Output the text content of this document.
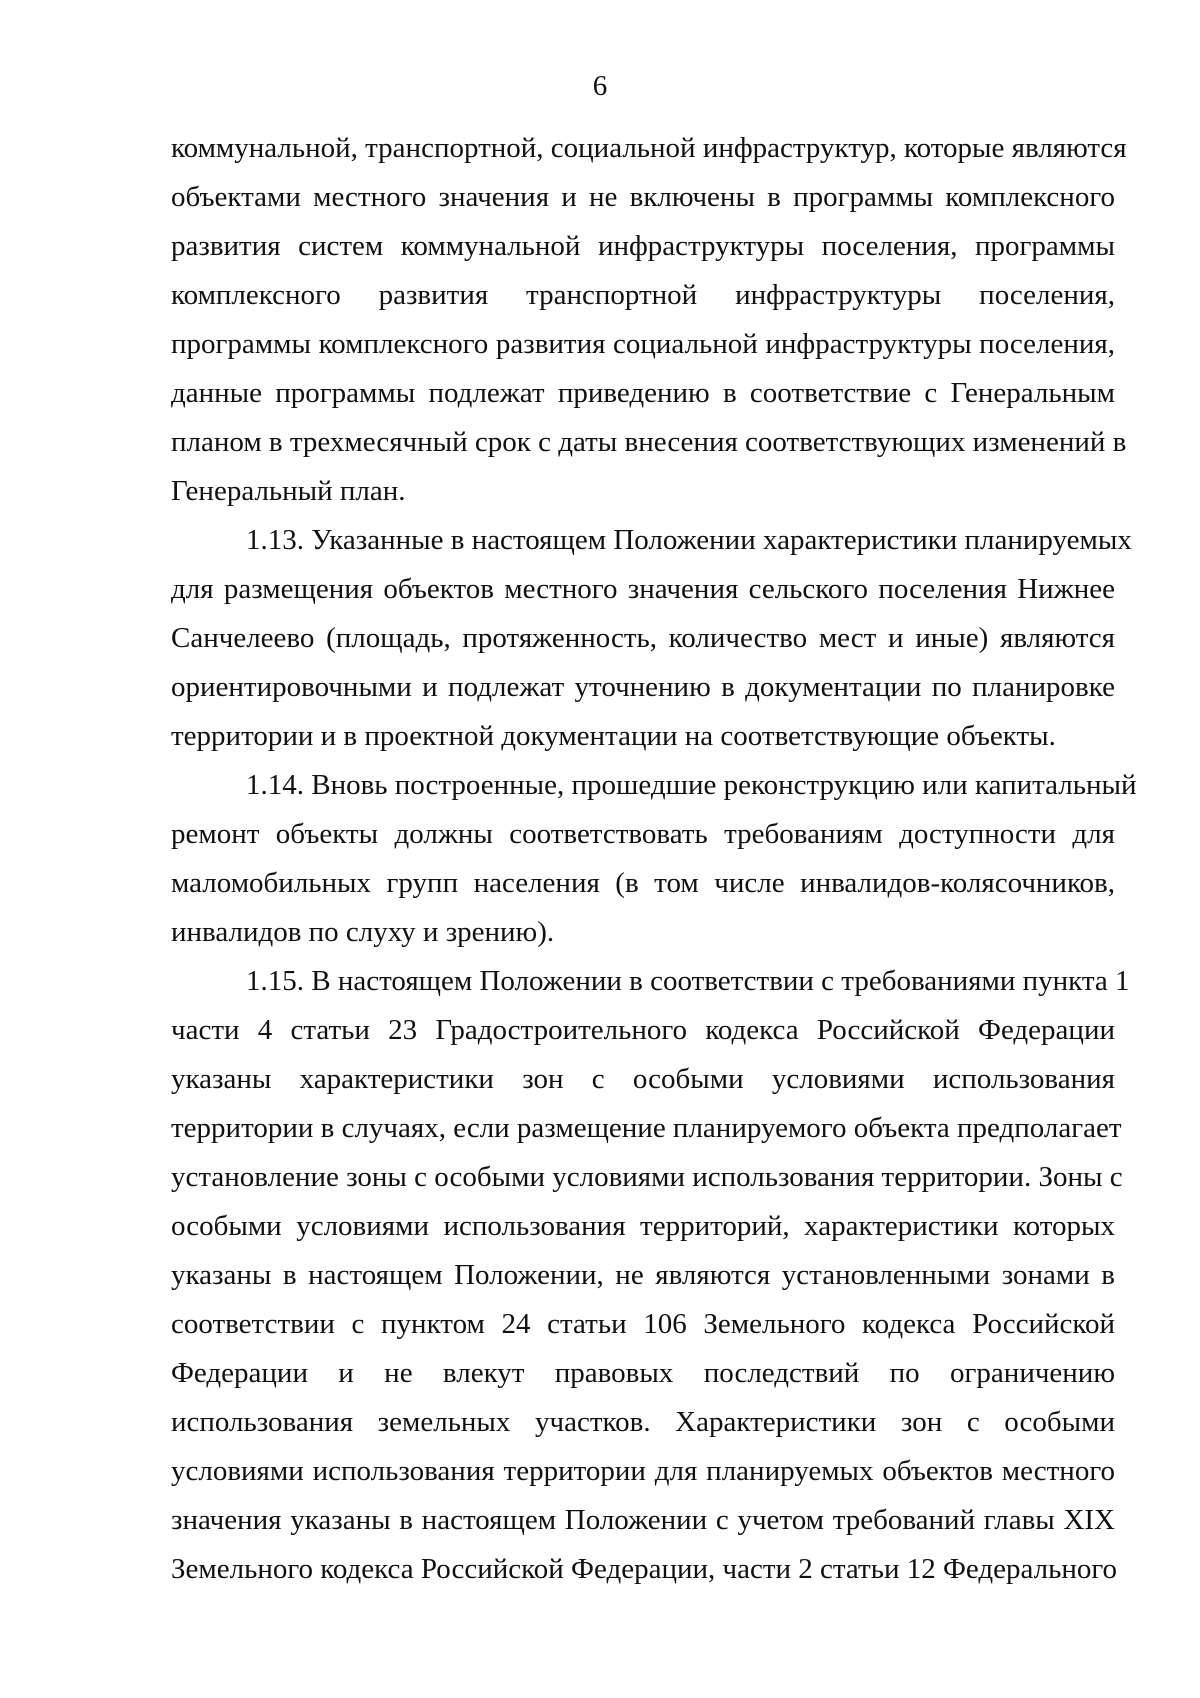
6
коммунальной, транспортной, социальной инфраструктур, которые являются
объектами местного значения и не включены в программы комплексного
развития систем коммунальной инфраструктуры поселения, программы
комплексного развития транспортной инфраструктуры поселения,
программы комплексного развития социальной инфраструктуры поселения,
данные программы подлежат приведению в соответствие с Генеральным
планом в трехмесячный срок с даты внесения соответствующих изменений в
Генеральный план.
1.13. Указанные в настоящем Положении характеристики планируемых
для размещения объектов местного значения сельского поселения Нижнее
Санчелеево (площадь, протяженность, количество мест и иные) являются
ориентировочными и подлежат уточнению в документации по планировке
территории и в проектной документации на соответствующие объекты.
1.14. Вновь построенные, прошедшие реконструкцию или капитальный
ремонт объекты должны соответствовать требованиям доступности для
маломобильных групп населения (в том числе инвалидов-колясочников,
инвалидов по слуху и зрению).
1.15. В настоящем Положении в соответствии с требованиями пункта 1
части 4 статьи 23 Градостроительного кодекса Российской Федерации
указаны характеристики зон с особыми условиями использования
территории в случаях, если размещение планируемого объекта предполагает
установление зоны с особыми условиями использования территории. Зоны с
особыми условиями использования территорий, характеристики которых
указаны в настоящем Положении, не являются установленными зонами в
соответствии с пунктом 24 статьи 106 Земельного кодекса Российской
Федерации и не влекут правовых последствий по ограничению
использования земельных участков. Характеристики зон с особыми
условиями использования территории для планируемых объектов местного
значения указаны в настоящем Положении с учетом требований главы XIX
Земельного кодекса Российской Федерации, части 2 статьи 12 Федерального
